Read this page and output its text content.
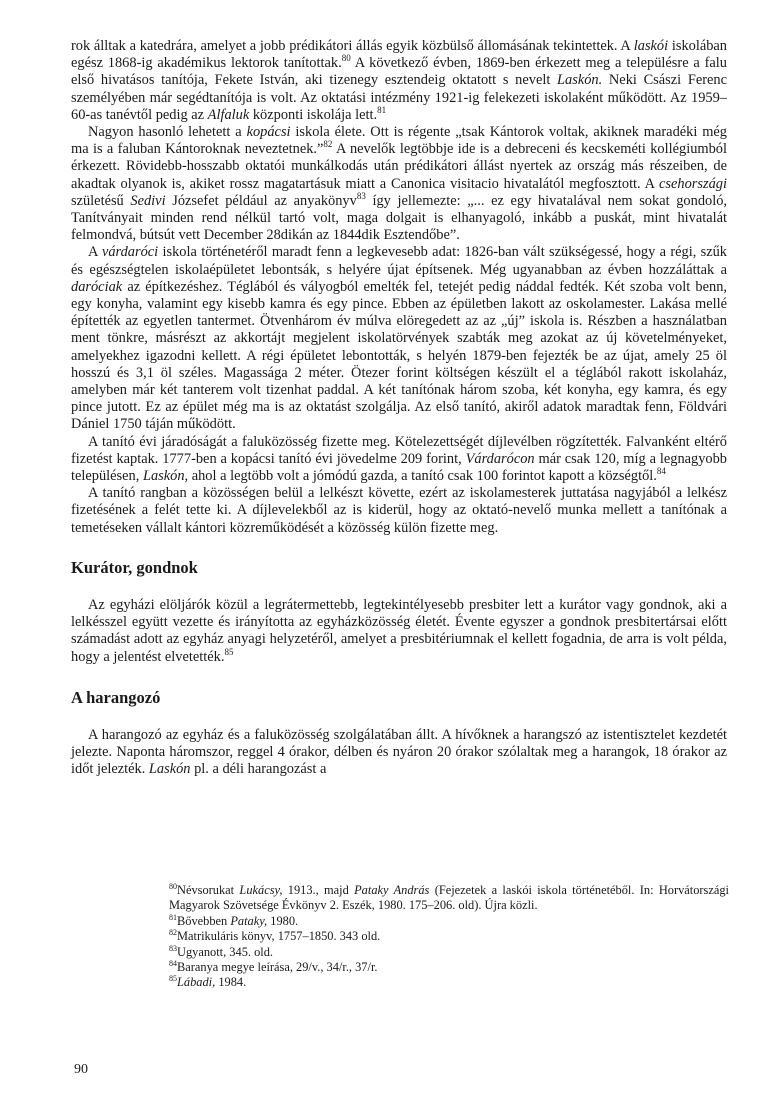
rok álltak a katedrára, amelyet a jobb prédikátori állás egyik közbülső állomásának tekintettek. A laskói iskolában egész 1868-ig akadémikus lektorok tanítottak.$^{80}$ A következő évben, 1869-ben érkezett meg a településre a falu első hivatásos tanítója, Fekete István, aki tizenegy esztendeig oktatott s nevelt Laskón. Neki Császi Ferenc személyében már segédtanítója is volt. Az oktatási intézmény 1921-ig felekezeti iskolaként működött. Az 1959–60-as tanévtől pedig az Alfaluk központi iskolája lett.$^{81}$

Nagyon hasonló lehetett a kopácsi iskola élete. Ott is régente „tsak Kántorok voltak, akiknek maradéki még ma is a faluban Kántoroknak neveztetnek.”$^{82}$ A nevelők legtöbbje ide is a debreceni és kecskeméti kollégiumból érkezett. Rövidebb-hosszabb oktatói munkálkodás után prédikátori állást nyertek az ország más részeiben, de akadtak olyanok is, akiket rossz magatartásuk miatt a Canonica visitacio hivatalától megfosztott. A csehországi születésű Sedivi Józsefet például az anyakönyv$^{83}$ így jellemezte: „... ez egy hivatalával nem sokat gondoló, Tanítványait minden rend nélkül tartó volt, maga dolgait is elhanyagoló, inkább a puskát, mint hivatalát felmondvá, bútsút vett December 28dikán az 1844dik Esztendőbe”.

A várdaróci iskola történetéről maradt fenn a legkevesebb adat: 1826-ban vált szükségessé, hogy a régi, szűk és egészségtelen iskolaépületet lebontsák, s helyére újat építsenek. Még ugyanabban az évben hozzáláttak a daróciak az építkezéshez. Téglából és vályogból emelték fel, tetejét pedig náddal fedték. Két szoba volt benn, egy konyha, valamint egy kisebb kamra és egy pince. Ebben az épületben lakott az oskolamester. Lakása mellé építették az egyetlen tantermet. Ötvenhárom év múlva elöregedett az az „új” iskola is. Részben a használatban ment tönkre, másrészt az akkortájt megjelent iskolatörvények szabták meg azokat az új követelményeket, amelyekhez igazodni kellett. A régi épületet lebontották, s helyén 1879-ben fejezték be az újat, amely 25 öl hosszú és 3,1 öl széles. Magassága 2 méter. Ötezer forint költségen készült el a téglából rakott iskolaház, amelyben már két tanterem volt tizenhat paddal. A két tanítónak három szoba, két konyha, egy kamra, és egy pince jutott. Ez az épület még ma is az oktatást szolgálja. Az első tanító, akiről adatok maradtak fenn, Földvári Dániel 1750 táján működött.

A tanító évi járadóságát a faluközösség fizette meg. Kötelezettségét díjlevélben rögzítették. Falvanként eltérő fizetést kaptak. 1777-ben a kopácsi tanító évi jövedelme 209 forint, Várdarócon már csak 120, míg a legnagyobb településen, Laskón, ahol a legtöbb volt a jómódú gazda, a tanító csak 100 forintot kapott a községtől.$^{84}$

A tanító rangban a közösségen belül a lelkészt követte, ezért az iskolamesterek juttatása nagyjából a lelkész fizetésének a felét tette ki. A díjlevelekből az is kiderül, hogy az oktató-nevelő munka mellett a tanítónak a temetéseken vállalt kántori közreműködését a közösség külön fizette meg.

Kurátor, gondnok

Az egyházi elöljárók közül a legrátermettebb, legtekintélyesebb presbiter lett a kurátor vagy gondnok, aki a lelkésszel együtt vezette és irányította az egyházközösség életét. Évente egyszer a gondnok presbitertársai előtt számadást adott az egyház anyagi helyzetéről, amelyet a presbitériumnak el kellett fogadnia, de arra is volt példa, hogy a jelentést elvetették.$^{85}$

A harangozó

A harangozó az egyház és a faluközösség szolgálatában állt. A hívőknek a harangszó az istentisztelet kezdetét jelezte. Naponta háromszor, reggel 4 órakor, délben és nyáron 20 órakor szólaltak meg a harangok, 18 órakor az időt jelezték. Laskón pl. a déli harangozást a

$^{80}$Névsorukat Lukácsy, 1913., majd Pataky András (Fejezetek a laskói iskola történetéből. In: Horvátországi Magyarok Szövetsége Évkönyv 2. Eszék, 1980. 175–206. old). Újra közli.

$^{81}$Bővebben Pataky, 1980.

$^{82}$Matrikuláris könyv, 1757–1850. 343 old.

$^{83}$Ugyanott, 345. old.

$^{84}$Baranya megye leírása, 29/v., 34/r., 37/r.

$^{85}$Lábadi, 1984.

90
